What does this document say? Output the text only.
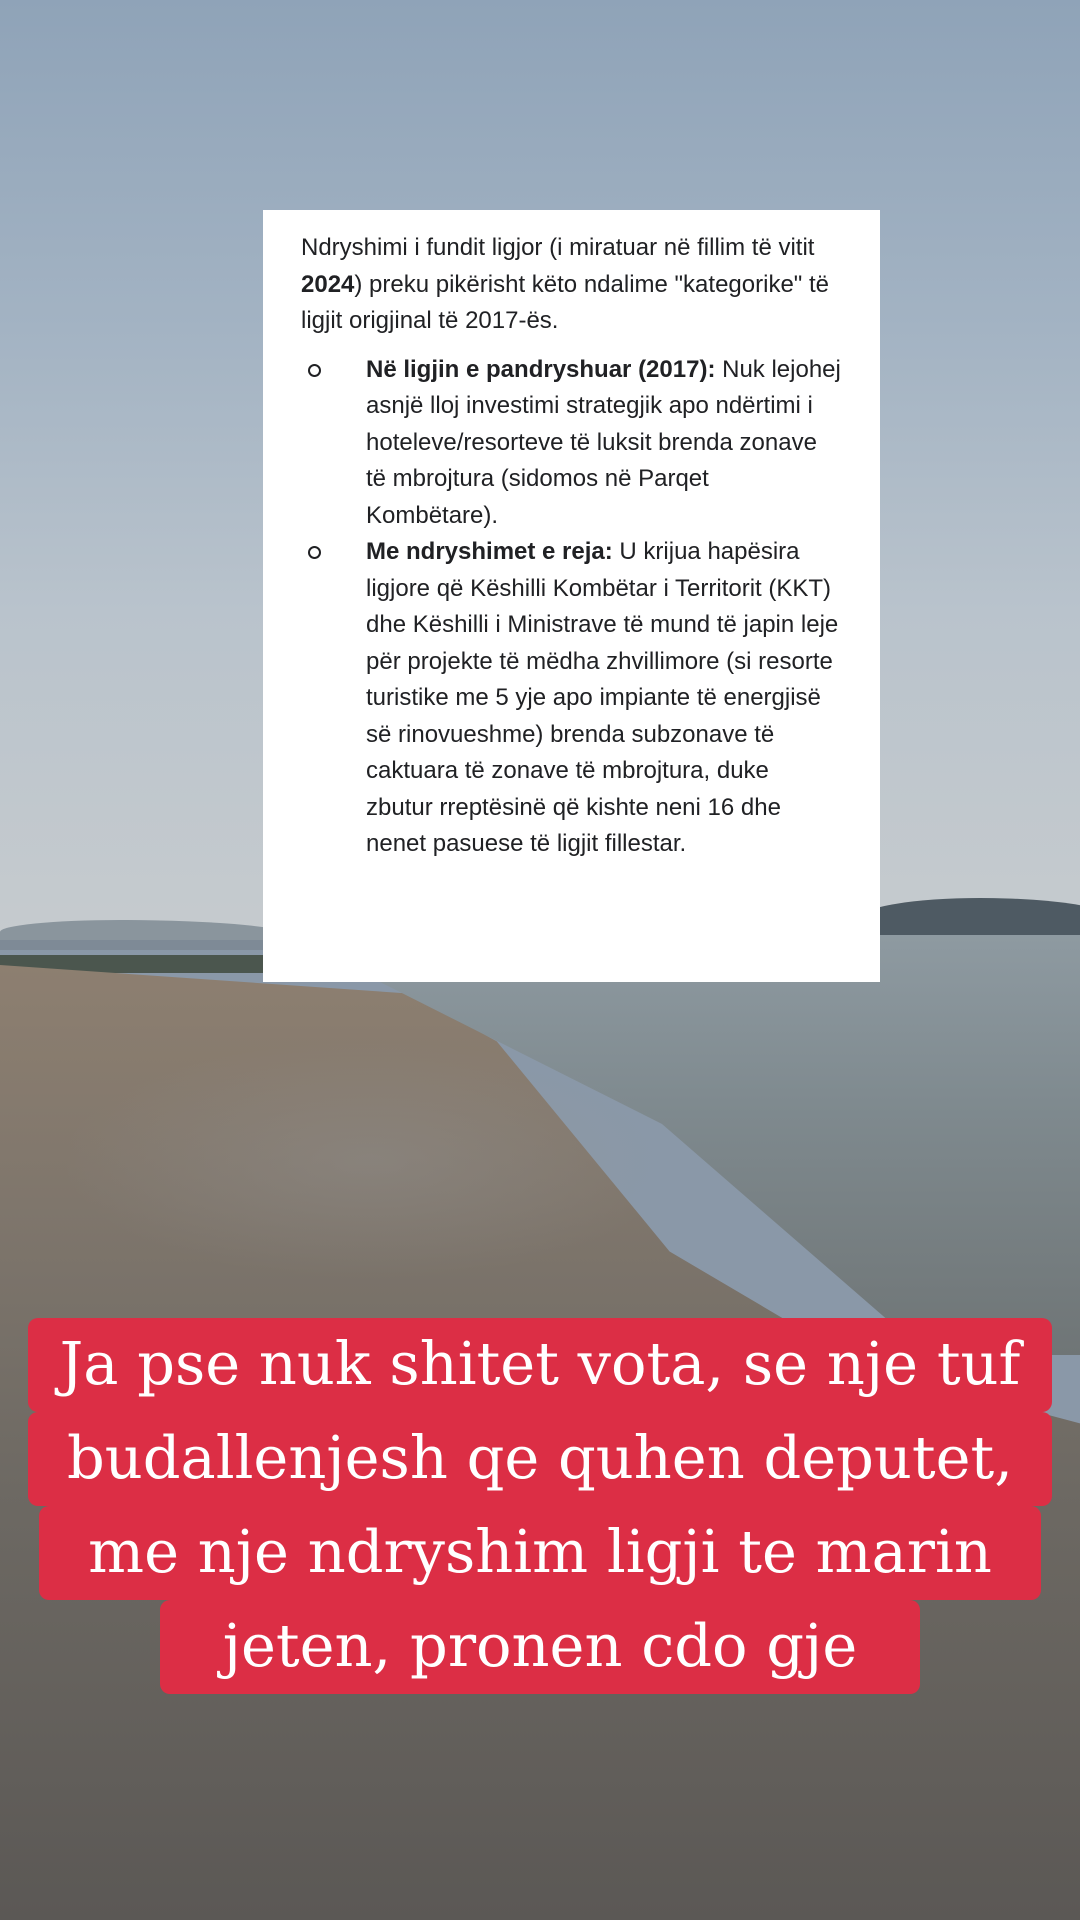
Ndryshimi i fundit ligjor (i miratuar në fillim të vitit 2024) preku pikërisht këto ndalime "kategorike" të ligjit origjinal të 2017-ës.

Në ligjin e pandryshuar (2017): Nuk lejohej asnjë lloj investimi strategjik apo ndërtimi i hoteleve/resorteve të luksit brenda zonave të mbrojtura (sidomos në Parqet Kombëtare).

Me ndryshimet e reja: U krijua hapësira ligjore që Këshilli Kombëtar i Territorit (KKT) dhe Këshilli i Ministrave të mund të japin leje për projekte të mëdha zhvillimore (si resorte turistike me 5 yje apo impiante të energjisë së rinovueshme) brenda subzonave të caktuara të zonave të mbrojtura, duke zbutur rreptësinë që kishte neni 16 dhe nenet pasuese të ligjit fillestar.

Ja pse nuk shitet vota, se nje tuf
budallenjesh qe quhen deputet,
me nje ndryshim ligji te marin
jeten, pronen cdo gje
